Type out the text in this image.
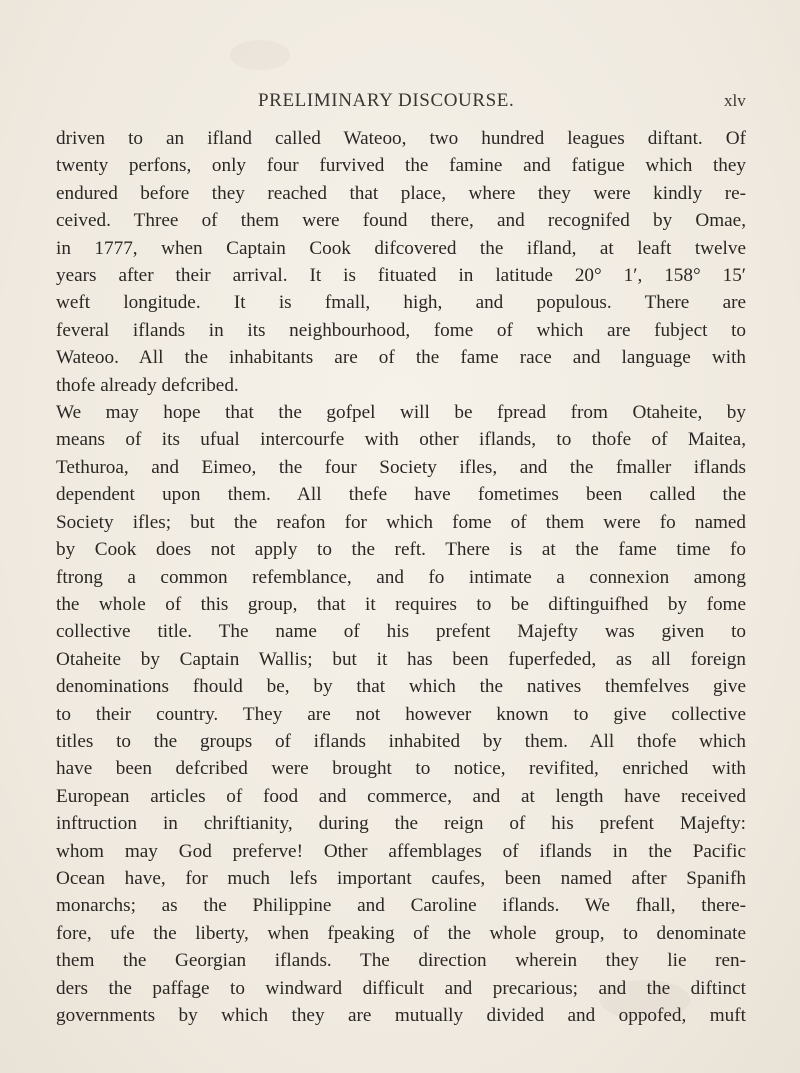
PRELIMINARY DISCOURSE.	xlv
driven to an ifland called Wateoo, two hundred leagues diftant. Of
twenty perfons, only four furvived the famine and fatigue which they
endured before they reached that place, where they were kindly re-
ceived. Three of them were found there, and recognifed by Omae,
in 1777, when Captain Cook difcovered the ifland, at leaft twelve
years after their arrival. It is fituated in latitude 20° 1′, 158° 15′
weft longitude. It is fmall, high, and populous. There are
feveral iflands in its neighbourhood, fome of which are fubject to
Wateoo. All the inhabitants are of the fame race and language with
thofe already defcribed.
We may hope that the gofpel will be fpread from Otaheite, by
means of its ufual intercourfe with other iflands, to thofe of Maitea,
Tethuroa, and Eimeo, the four Society ifles, and the fmaller iflands
dependent upon them. All thefe have fometimes been called the
Society ifles; but the reafon for which fome of them were fo named
by Cook does not apply to the reft. There is at the fame time fo
ftrong a common refemblance, and fo intimate a connexion among
the whole of this group, that it requires to be diftinguifhed by fome
collective title. The name of his prefent Majefty was given to
Otaheite by Captain Wallis; but it has been fuperfeded, as all foreign
denominations fhould be, by that which the natives themfelves give
to their country. They are not however known to give collective
titles to the groups of iflands inhabited by them. All thofe which
have been defcribed were brought to notice, revifited, enriched with
European articles of food and commerce, and at length have received
inftruction in chriftianity, during the reign of his prefent Majefty:
whom may God preferve! Other affemblages of iflands in the Pacific
Ocean have, for much lefs important caufes, been named after Spanifh
monarchs; as the Philippine and Caroline iflands. We fhall, there-
fore, ufe the liberty, when fpeaking of the whole group, to denominate
them the Georgian iflands. The direction wherein they lie ren-
ders the paffage to windward difficult and precarious; and the diftinct
governments by which they are mutually divided and oppofed, muft
